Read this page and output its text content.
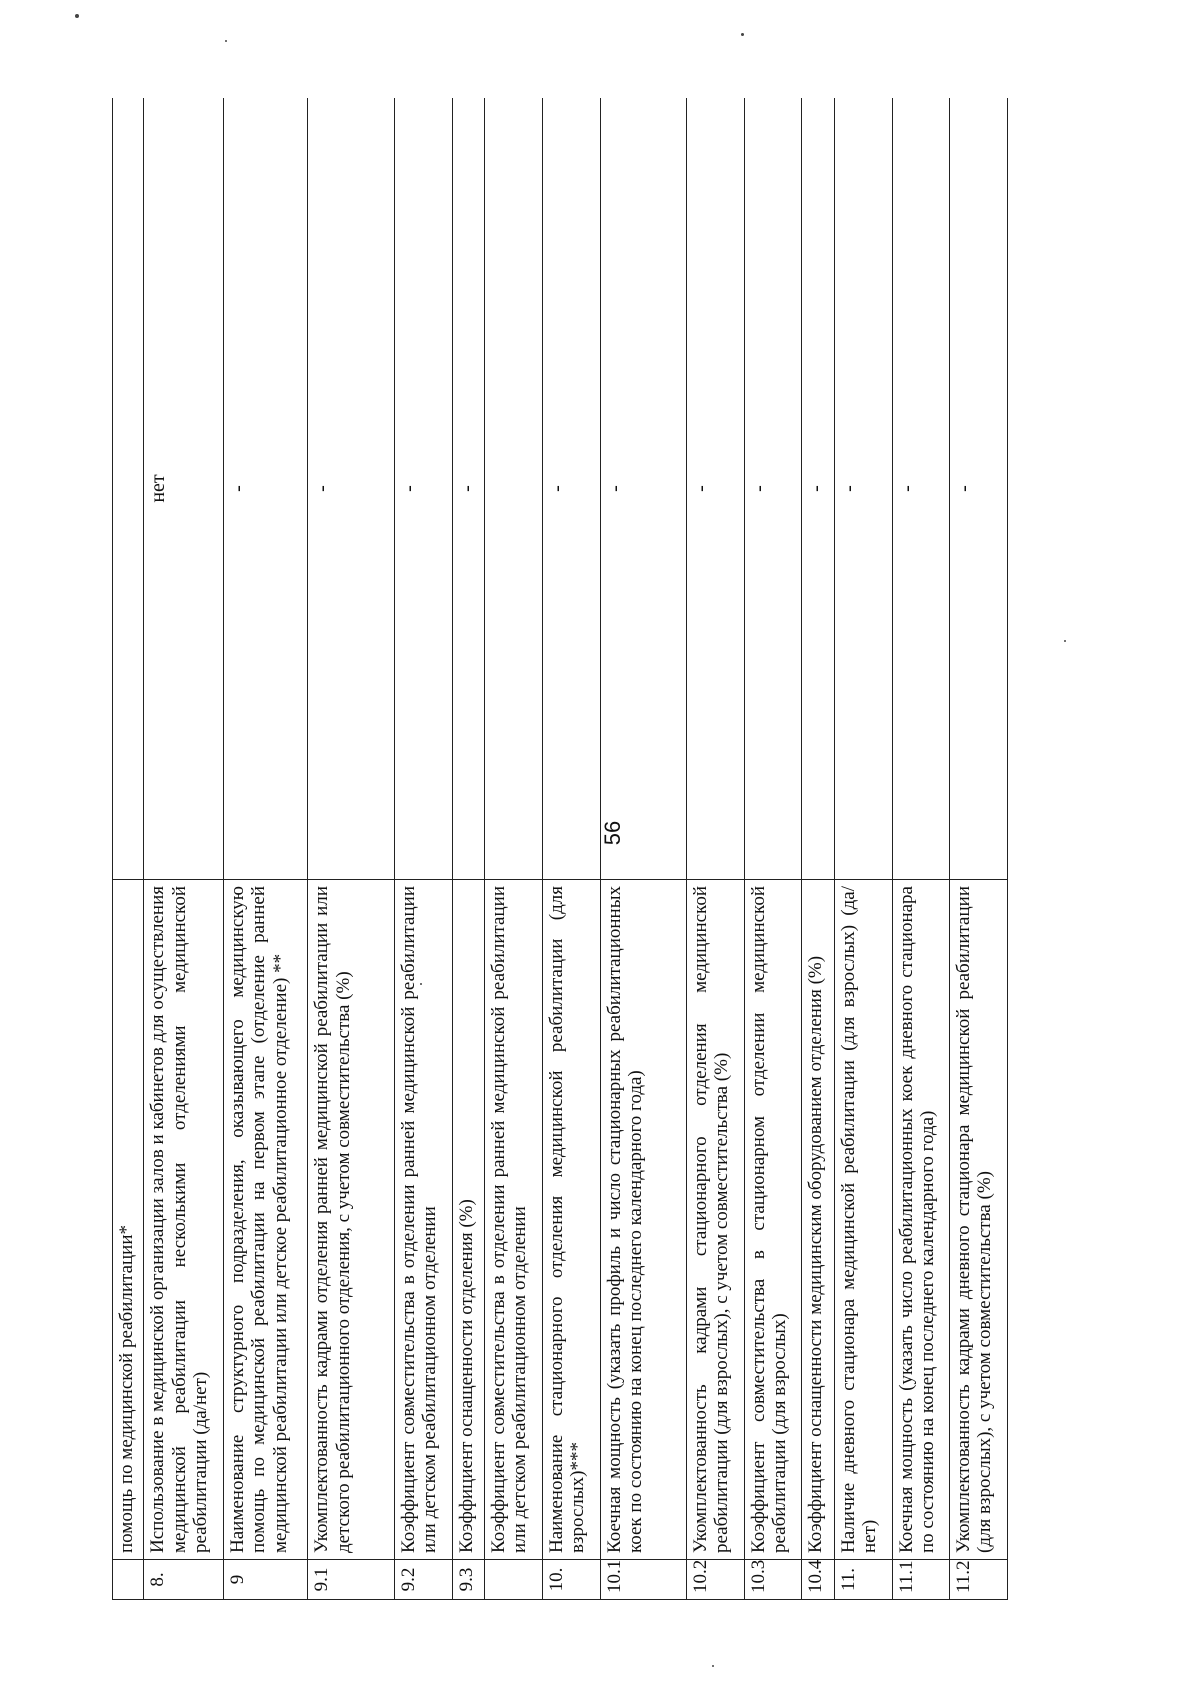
56
	помощь по медицинской реабилитации*	
8.	Использование в медицинской организации залов и кабинетов для осуществления медицинской реабилитации несколькими отделениями медицинской реабилитации (да/нет)	нет
9	Наименование структурного подразделения, оказывающего медицинскую помощь по медицинской реабилитации на первом этапе (отделение ранней медицинской реабилитации или детское реабилитационное отделение) **	-
9.1	Укомплектованность кадрами отделения ранней медицинской реабилитации или детского реабилитационного отделения, с учетом совместительства (%)	-
9.2	Коэффициент совместительства в отделении ранней медицинской реабилитации или детском реабилитационном отделении	-
9.3	Коэффициент оснащенности отделения (%)	-
	Коэффициент совместительства в отделении ранней медицинской реабилитации или детском реабилитационном отделении	
10.	Наименование стационарного отделения медицинской реабилитации (для взрослых)***	-
10.1	Коечная мощность (указать профиль и число стационарных реабилитационных коек по состоянию на конец последнего календарного года)	-
10.2	Укомплектованность кадрами стационарного отделения медицинской реабилитации (для взрослых), с учетом совместительства (%)	-
10.3	Коэффициент совместительства в стационарном отделении медицинской реабилитации (для взрослых)	-
10.4	Коэффициент оснащенности медицинским оборудованием отделения (%)	-
11.	Наличие дневного стационара медицинской реабилитации (для взрослых) (да/нет)	-
11.1	Коечная мощность (указать число реабилитационных коек дневного стационара по состоянию на конец последнего календарного года)	-
11.2	Укомплектованность кадрами дневного стационара медицинской реабилитации (для взрослых), с учетом совместительства (%)	-
